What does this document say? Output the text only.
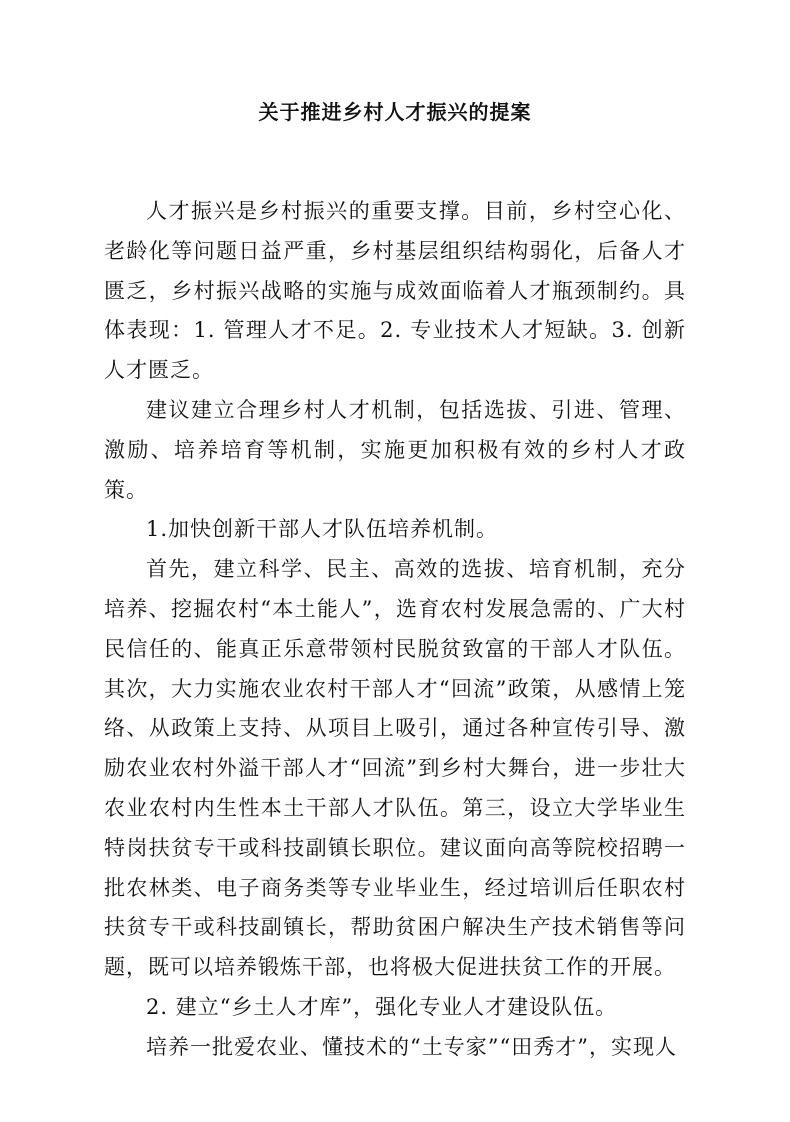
关于推进乡村人才振兴的提案

人才振兴是乡村振兴的重要支撑。目前，乡村空心化、老龄化等问题日益严重，乡村基层组织结构弱化，后备人才匮乏，乡村振兴战略的实施与成效面临着人才瓶颈制约。具体表现：1. 管理人才不足。2. 专业技术人才短缺。3. 创新人才匮乏。

建议建立合理乡村人才机制，包括选拔、引进、管理、激励、培养培育等机制，实施更加积极有效的乡村人才政策。

1.加快创新干部人才队伍培养机制。

首先，建立科学、民主、高效的选拔、培育机制，充分培养、挖掘农村“本土能人”，选育农村发展急需的、广大村民信任的、能真正乐意带领村民脱贫致富的干部人才队伍。其次，大力实施农业农村干部人才“回流”政策，从感情上笼络、从政策上支持、从项目上吸引，通过各种宣传引导、激励农业农村外溢干部人才“回流”到乡村大舞台，进一步壮大农业农村内生性本土干部人才队伍。第三，设立大学毕业生特岗扶贫专干或科技副镇长职位。建议面向高等院校招聘一批农林类、电子商务类等专业毕业生，经过培训后任职农村扶贫专干或科技副镇长，帮助贫困户解决生产技术销售等问题，既可以培养锻炼干部，也将极大促进扶贫工作的开展。

2. 建立“乡土人才库”，强化专业人才建设队伍。

培养一批爱农业、懂技术的“土专家”“田秀才”，实现人
